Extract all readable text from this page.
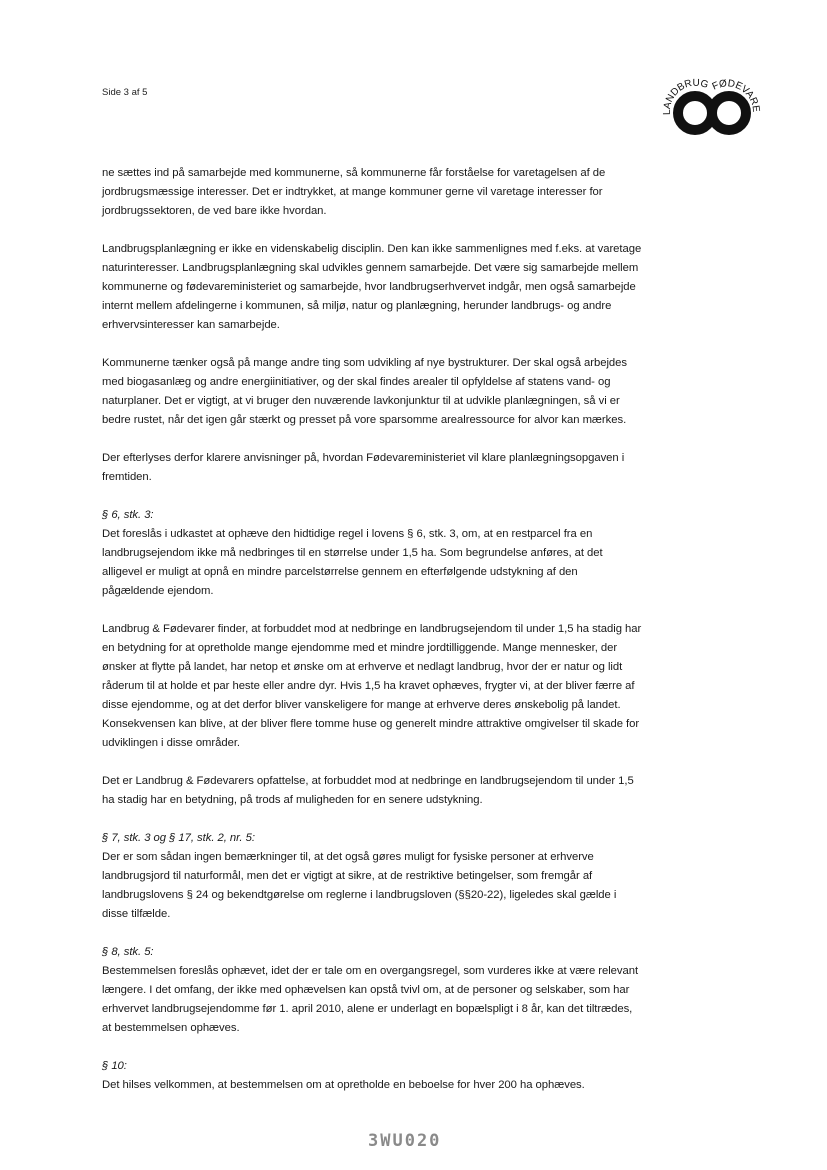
Side 3 af 5
LANDBRUG FØDEVARE

ne sættes ind på samarbejde med kommunerne, så kommunerne får forståelse for varetagelsen af de jordbrugsmæssige interesser. Det er indtrykket, at mange kommuner gerne vil varetage interesser for jordbrugssektoren, de ved bare ikke hvordan.

Landbrugsplanlægning er ikke en videnskabelig disciplin. Den kan ikke sammenlignes med f.eks. at varetage naturinteresser. Landbrugsplanlægning skal udvikles gennem samarbejde. Det være sig samarbejde mellem kommunerne og fødevareministeriet og samarbejde, hvor landbrugserhvervet indgår, men også samarbejde internt mellem afdelingerne i kommunen, så miljø, natur og planlægning, herunder landbrugs- og andre erhvervsinteresser kan samarbejde.

Kommunerne tænker også på mange andre ting som udvikling af nye bystrukturer. Der skal også arbejdes med biogasanlæg og andre energiinitiativer, og der skal findes arealer til opfyldelse af statens vand- og naturplaner. Det er vigtigt, at vi bruger den nuværende lavkonjunktur til at udvikle planlægningen, så vi er bedre rustet, når det igen går stærkt og presset på vore sparsomme arealressource for alvor kan mærkes.

Der efterlyses derfor klarere anvisninger på, hvordan Fødevareministeriet vil klare planlægningsopgaven i fremtiden.

§ 6, stk. 3:

Det foreslås i udkastet at ophæve den hidtidige regel i lovens § 6, stk. 3, om, at en restparcel fra en landbrugsejendom ikke må nedbringes til en størrelse under 1,5 ha. Som begrundelse anføres, at det alligevel er muligt at opnå en mindre parcelstørrelse gennem en efterfølgende udstykning af den pågældende ejendom.

Landbrug & Fødevarer finder, at forbuddet mod at nedbringe en landbrugsejendom til under 1,5 ha stadig har en betydning for at opretholde mange ejendomme med et mindre jordtilliggende. Mange mennesker, der ønsker at flytte på landet, har netop et ønske om at erhverve et nedlagt landbrug, hvor der er natur og lidt råderum til at holde et par heste eller andre dyr. Hvis 1,5 ha kravet ophæves, frygter vi, at der bliver færre af disse ejendomme, og at det derfor bliver vanskeligere for mange at erhverve deres ønskebolig på landet. Konsekvensen kan blive, at der bliver flere tomme huse og generelt mindre attraktive omgivelser til skade for udviklingen i disse områder.

Det er Landbrug & Fødevarers opfattelse, at forbuddet mod at nedbringe en landbrugsejendom til under 1,5 ha stadig har en betydning, på trods af muligheden for en senere udstykning.

§ 7, stk. 3 og § 17, stk. 2, nr. 5:

Der er som sådan ingen bemærkninger til, at det også gøres muligt for fysiske personer at erhverve landbrugsjord til naturformål, men det er vigtigt at sikre, at de restriktive betingelser, som fremgår af landbrugslovens § 24 og bekendtgørelse om reglerne i landbrugsloven (§§20-22), ligeledes skal gælde i disse tilfælde.

§ 8, stk. 5:

Bestemmelsen foreslås ophævet, idet der er tale om en overgangsregel, som vurderes ikke at være relevant længere. I det omfang, der ikke med ophævelsen kan opstå tvivl om, at de personer og selskaber, som har erhvervet landbrugsejendomme før 1. april 2010, alene er underlagt en bopælspligt i 8 år, kan det tiltrædes, at bestemmelsen ophæves.

§ 10:

Det hilses velkommen, at bestemmelsen om at opretholde en beboelse for hver 200 ha ophæves.

3WU020
